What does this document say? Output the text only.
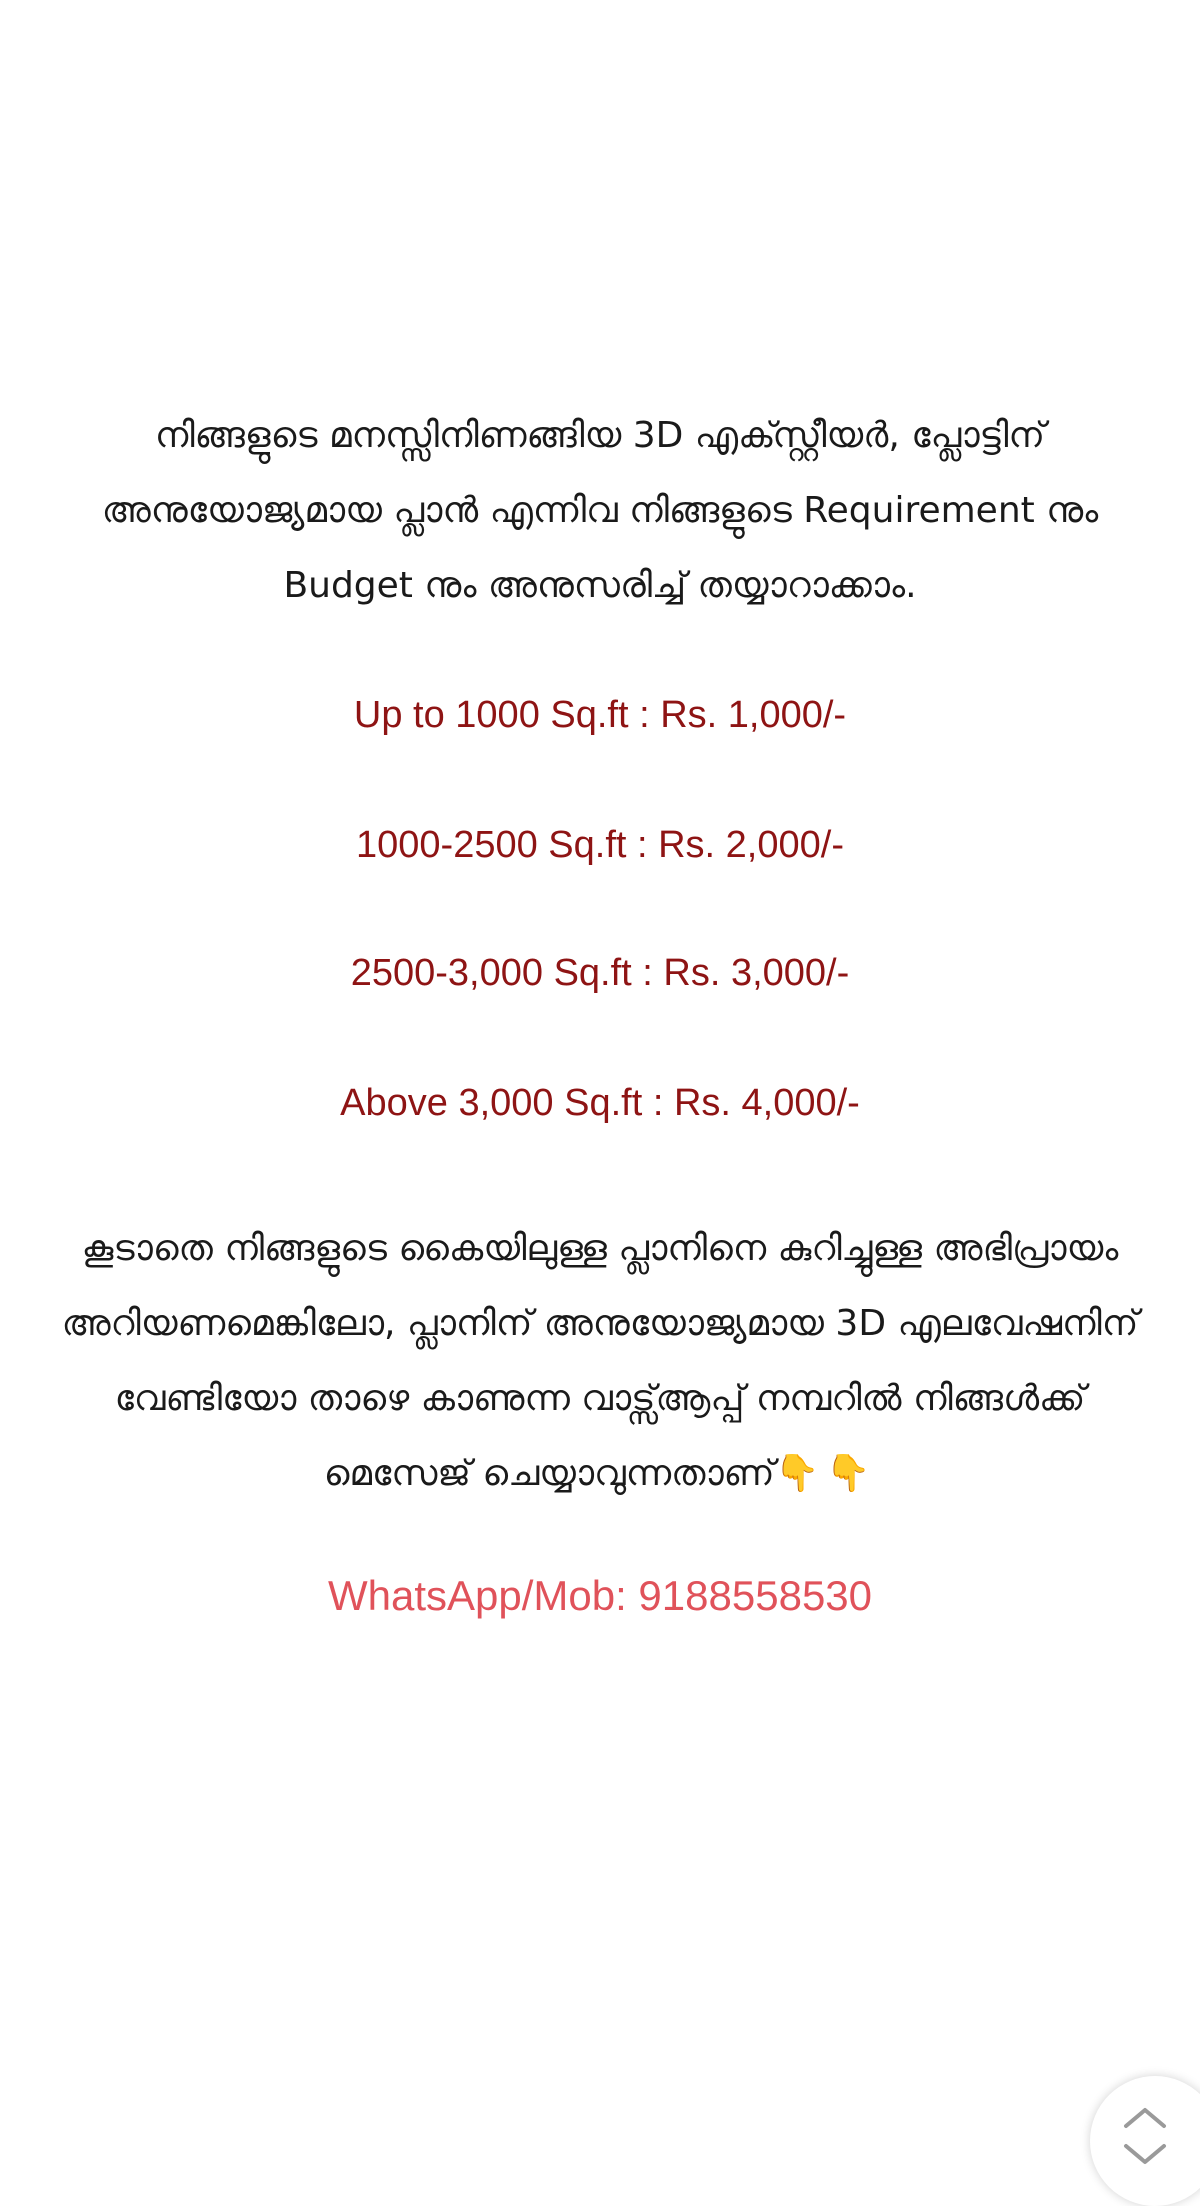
നിങ്ങളുടെ മനസ്സിനിണങ്ങിയ 3D എക്സ്റ്റീയർ, പ്ലോട്ടിന് അനുയോജ്യമായ പ്ലാൻ എന്നിവ നിങ്ങളുടെ Requirement നും Budget നും അനുസരിച്ച് തയ്യാറാക്കാം.

Up to 1000 Sq.ft : Rs. 1,000/-

1000-2500 Sq.ft : Rs. 2,000/-

2500-3,000 Sq.ft : Rs. 3,000/-

Above 3,000 Sq.ft : Rs. 4,000/-

കൂടാതെ നിങ്ങളുടെ കൈയിലുള്ള പ്ലാനിനെ കുറിച്ചുള്ള അഭിപ്രായം അറിയണമെങ്കിലോ, പ്ലാനിന് അനുയോജ്യമായ 3D എലവേഷനിന് വേണ്ടിയോ താഴെ കാണുന്ന വാട്സ്ആപ്പ് നമ്പറിൽ നിങ്ങൾക്ക് മെസേജ് ചെയ്യാവുന്നതാണ്👇👇

WhatsApp/Mob: 9188558530
